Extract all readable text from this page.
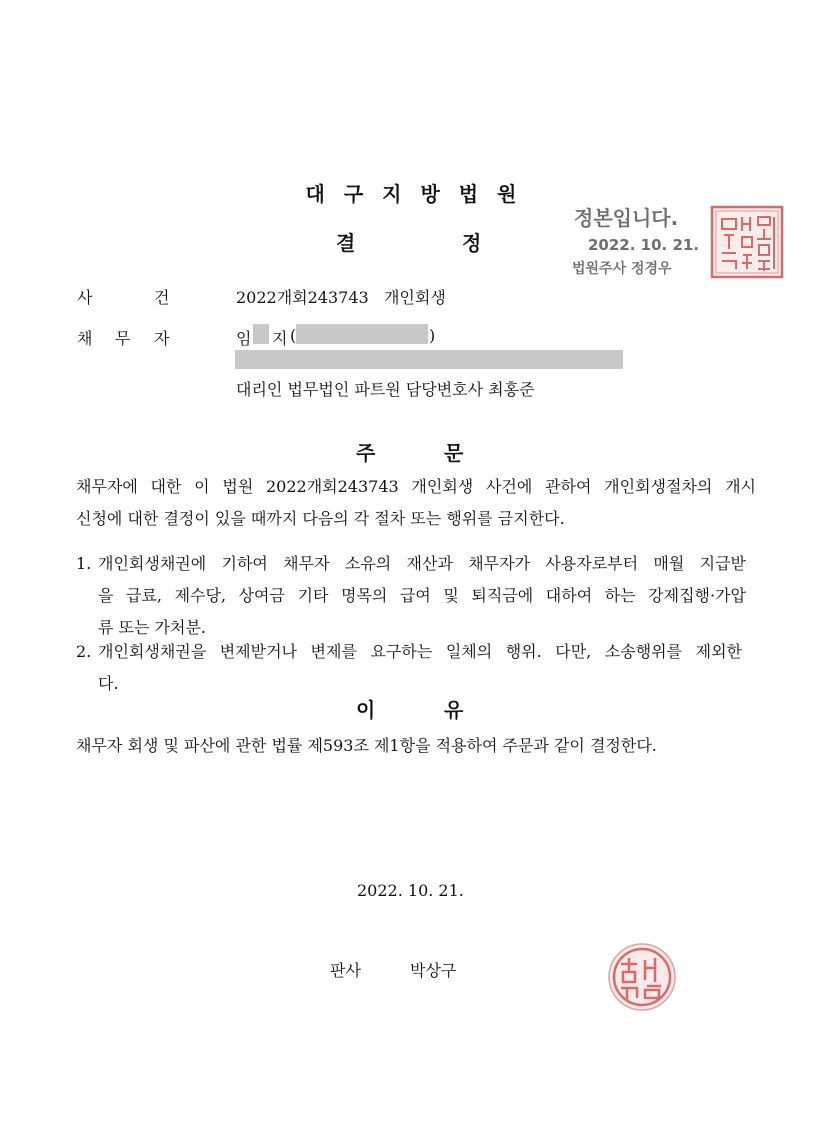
대구지방법원
결	정
정본입니다.
2022. 10. 21.
법원주사 정경우
사	건	2022개회243743   개인회생
채 무 자	임 지 (	)
대리인 법무법인 파트원 담당변호사 최홍준
주	문
채무자에 대한 이 법원 2022개회243743 개인회생 사건에 관하여 개인회생절차의 개시
신청에 대한 결정이 있을 때까지 다음의 각 절차 또는 행위를 금지한다.
1. 개인회생채권에 기하여 채무자 소유의 재산과 채무자가 사용자로부터 매월 지급받
을 급료, 제수당, 상여금 기타 명목의 급여 및 퇴직금에 대하여 하는 강제집행·가압
류 또는 가처분.
2. 개인회생채권을 변제받거나 변제를 요구하는 일체의 행위. 다만, 소송행위를 제외한
다.
이	유
채무자 회생 및 파산에 관한 법률 제593조 제1항을 적용하여 주문과 같이 결정한다.
2022. 10. 21.
판사	박상구
